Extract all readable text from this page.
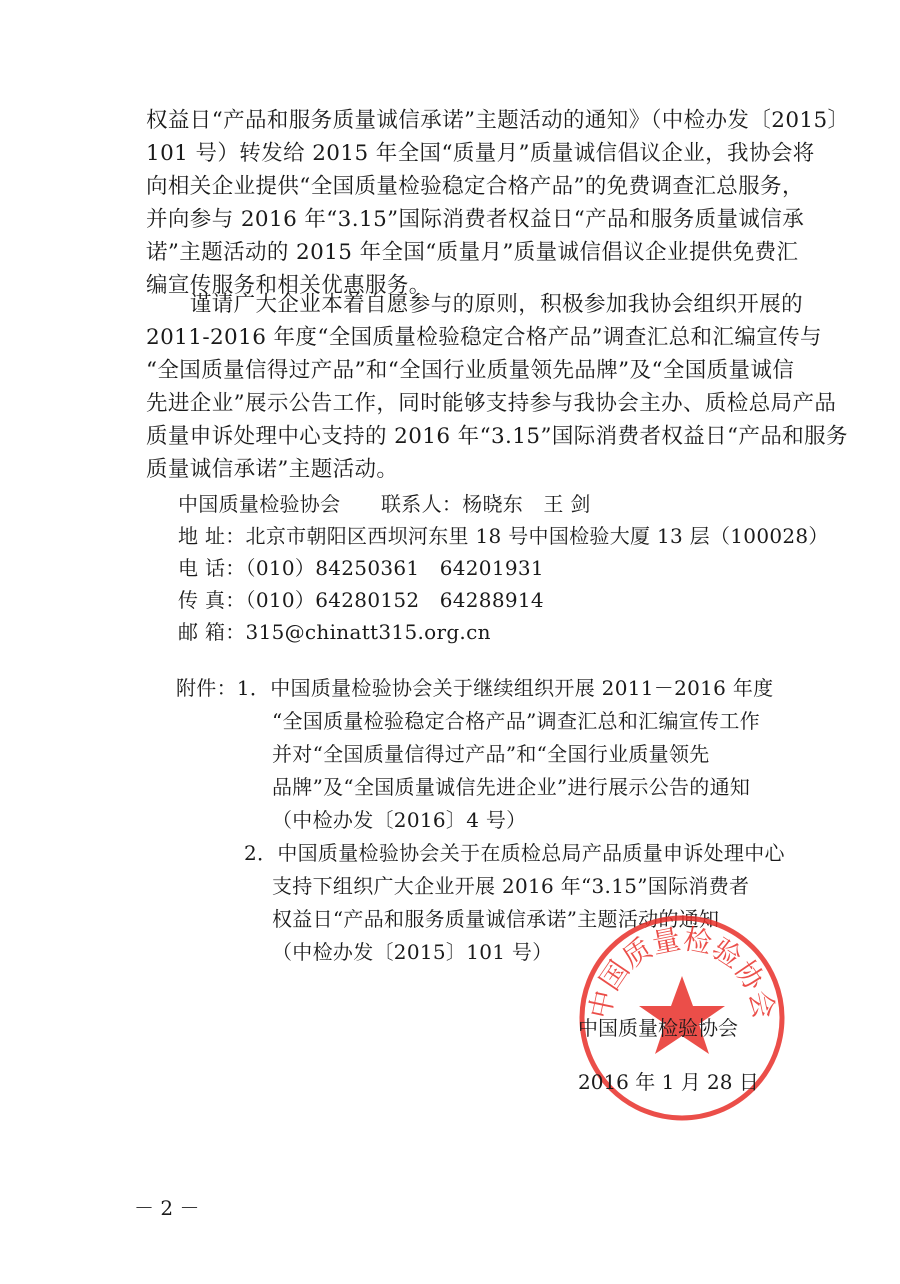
权益日“产品和服务质量诚信承诺”主题活动的通知》（中检办发〔2015〕
101 号）转发给 2015 年全国“质量月”质量诚信倡议企业，我协会将
向相关企业提供“全国质量检验稳定合格产品”的免费调查汇总服务，
并向参与 2016 年“3.15”国际消费者权益日“产品和服务质量诚信承
诺”主题活动的 2015 年全国“质量月”质量诚信倡议企业提供免费汇
编宣传服务和相关优惠服务。
　　谨请广大企业本着自愿参与的原则，积极参加我协会组织开展的
2011-2016 年度“全国质量检验稳定合格产品”调查汇总和汇编宣传与
“全国质量信得过产品”和“全国行业质量领先品牌”及“全国质量诚信
先进企业”展示公告工作，同时能够支持参与我协会主办、质检总局产品
质量申诉处理中心支持的 2016 年“3.15”国际消费者权益日“产品和服务
质量诚信承诺”主题活动。
中国质量检验协会　　联系人：杨晓东　王 剑
地 址：北京市朝阳区西坝河东里 18 号中国检验大厦 13 层（100028）
电 话：（010）84250361　64201931
传 真：（010）64280152　64288914
邮 箱：315@chinatt315.org.cn
附件：1．中国质量检验协会关于继续组织开展 2011－2016 年度
“全国质量检验稳定合格产品”调查汇总和汇编宣传工作
并对“全国质量信得过产品”和“全国行业质量领先
品牌”及“全国质量诚信先进企业”进行展示公告的通知
（中检办发〔2016〕4 号）
2．中国质量检验协会关于在质检总局产品质量申诉处理中心
支持下组织广大企业开展 2016 年“3.15”国际消费者
权益日“产品和服务质量诚信承诺”主题活动的通知
（中检办发〔2015〕101 号）
中国质量检验协会
中国质量检验协会
2016 年 1 月 28 日
－ 2 －
